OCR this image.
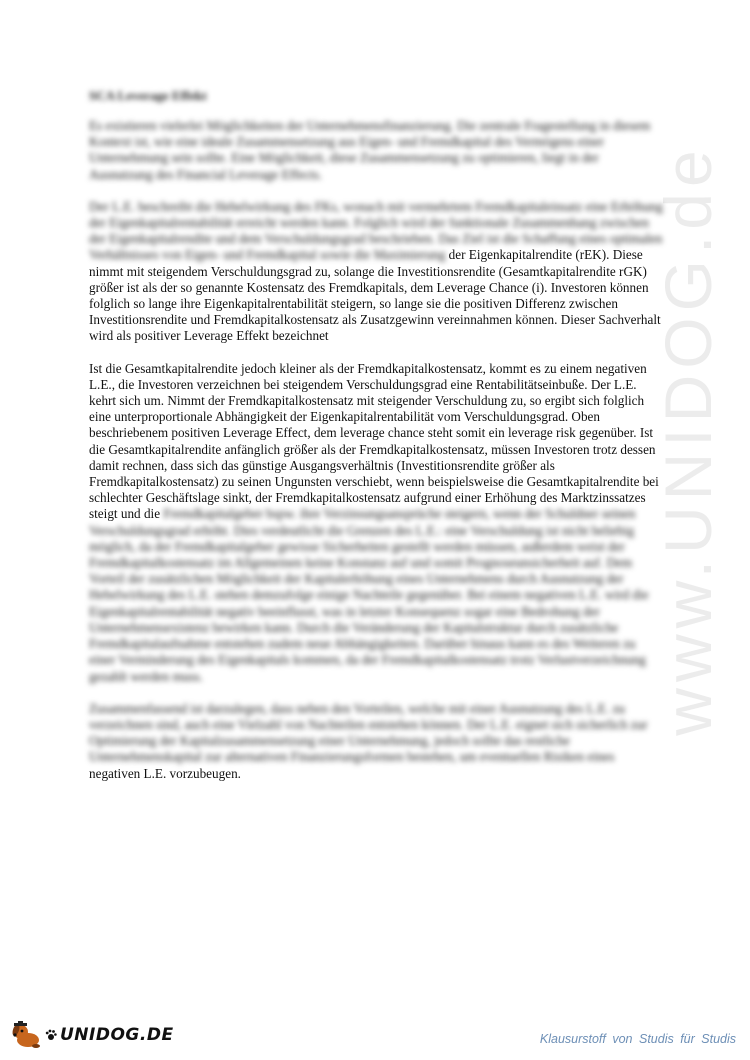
www.UNIDOG.de
SCA Leverage Effekt

Es existieren vielerlei Möglichkeiten der Unternehmensfinanzierung. Die zentrale Fragestellung in diesem Kontext ist, wie eine ideale Zusammensetzung aus Eigen- und Fremdkapital des Vermögens einer Unternehmung sein sollte. Eine Möglichkeit, diese Zusammensetzung zu optimieren, liegt in der Ausnutzung des Financial Leverage Effects.

Der L.E. beschreibt die Hebelwirkung des FKs, wonach mit vermehrtem Fremdkapitaleinsatz eine Erhöhung der Eigenkapitalrentabilität erreicht werden kann. Folglich wird der funktionale Zusammenhang zwischen der Eigenkapitalrendite und dem Verschuldungsgrad beschrieben. Das Ziel ist die Schaffung eines optimalen Verhältnisses von Eigen- und Fremdkapital sowie die Maximierung der Eigenkapitalrendite (rEK). Diese nimmt mit steigendem Verschuldungsgrad zu, solange die Investitionsrendite (Gesamtkapitalrendite rGK) größer ist als der so genannte Kostensatz des Fremdkapitals, dem Leverage Chance (i). Investoren können folglich so lange ihre Eigenkapitalrentabilität steigern, so lange sie die positiven Differenz zwischen Investitionsrendite und Fremdkapitalkostensatz als Zusatzgewinn vereinnahmen können. Dieser Sachverhalt wird als positiver Leverage Effekt bezeichnet

Ist die Gesamtkapitalrendite jedoch kleiner als der Fremdkapitalkostensatz, kommt es zu einem negativen L.E., die Investoren verzeichnen bei steigendem Verschuldungsgrad eine Rentabilitätseinbuße. Der L.E. kehrt sich um. Nimmt der Fremdkapitalkostensatz mit steigender Verschuldung zu, so ergibt sich folglich eine unterproportionale Abhängigkeit der Eigenkapitalrentabilität vom Verschuldungsgrad. Oben beschriebenem positiven Leverage Effect, dem leverage chance steht somit ein leverage risk gegenüber. Ist die Gesamtkapitalrendite anfänglich größer als der Fremdkapitalkostensatz, müssen Investoren trotz dessen damit rechnen, dass sich das günstige Ausgangsverhältnis (Investitionsrendite größer als Fremdkapitalkostensatz) zu seinen Ungunsten verschiebt, wenn beispielsweise die Gesamtkapitalrendite bei schlechter Geschäftslage sinkt, der Fremdkapitalkostensatz aufgrund einer Erhöhung des Marktzinssatzes steigt und die Fremdkapitalgeber bspw. ihre Verzinsungsansprüche steigern, wenn der Schuldner seinen Verschuldungsgrad erhöht. Dies verdeutlicht die Grenzen des L.E.: eine Verschuldung ist nicht beliebig möglich, da der Fremdkapitalgeber gewisse Sicherheiten gestellt werden müssen, außerdem weist der Fremdkapitalkostensatz im Allgemeinen keine Konstanz auf und somit Prognoseunsicherheit auf. Dem Vorteil der zusätzlichen Möglichkeit der Kapitalerhöhung eines Unternehmens durch Ausnutzung der Hebelwirkung des L.E. stehen demzufolge einige Nachteile gegenüber. Bei einem negativen L.E. wird die Eigenkapitalrentabilität negativ beeinflusst, was in letzter Konsequenz sogar eine Bedrohung der Unternehmensexistenz bewirken kann. Durch die Veränderung der Kapitalstruktur durch zusätzliche Fremdkapitalaufnahme entstehen zudem neue Abhängigkeiten. Darüber hinaus kann es des Weiteren zu einer Verminderung des Eigenkapitals kommen, da der Fremdkapitalkostensatz trotz Verlustverzeichnung gezahlt werden muss.

Zusammenfassend ist darzulegen, dass neben den Vorteilen, welche mit einer Ausnutzung des L.E. zu verzeichnen sind, auch eine Vielzahl von Nachteilen entstehen können. Der L.E. eignet sich sicherlich zur Optimierung der Kapitalzusammensetzung einer Unternehmung, jedoch sollte das restliche Unternehmenskapital zur alternativen Finanzierungsformen bestehen, um eventuellen Risiken eines negativen L.E. vorzubeugen.

UNIDOG.DE	Klausurstoff von Studis für Studis
